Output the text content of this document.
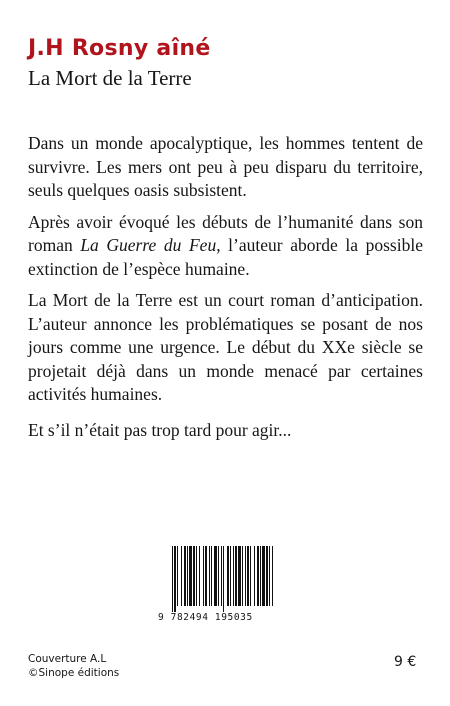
J.H Rosny aîné
La Mort de la Terre

Dans un monde apocalyptique, les hommes tentent de survivre. Les mers ont peu à peu disparu du territoire, seuls quelques oasis subsistent.

Après avoir évoqué les débuts de l’humanité dans son roman La Guerre du Feu, l’auteur aborde la possible extinction de l’espèce humaine.

La Mort de la Terre est un court roman d’anticipation. L’auteur annonce les problématiques se posant de nos jours comme une urgence. Le début du XXe siècle se projetait déjà dans un monde menacé par certaines activités humaines.

Et s’il n’était pas trop tard pour agir...

9 782494 195035
Couverture A.L
©Sinope éditions
9 €
